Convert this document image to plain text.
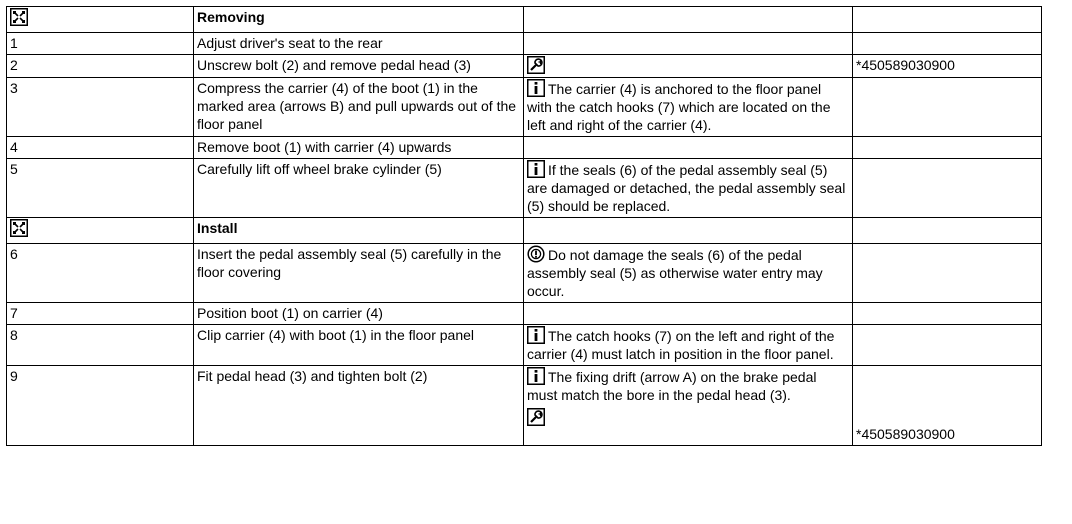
	Removing		
1	Adjust driver's seat to the rear		
2	Unscrew bolt (2) and remove pedal head (3)		*450589030900
3	Compress the carrier (4) of the boot (1) in the marked area (arrows B) and pull upwards out of the floor panel	The carrier (4) is anchored to the floor panel with the catch hooks (7) which are located on the left and right of the carrier (4).	
4	Remove boot (1) with carrier (4) upwards		
5	Carefully lift off wheel brake cylinder (5)	If the seals (6) of the pedal assembly seal (5) are damaged or detached, the pedal assembly seal (5) should be replaced.	
	Install		
6	Insert the pedal assembly seal (5) carefully in the floor covering	Do not damage the seals (6) of the pedal assembly seal (5) as otherwise water entry may occur.	
7	Position boot (1) on carrier (4)		
8	Clip carrier (4) with boot (1) in the floor panel	The catch hooks (7) on the left and right of the carrier (4) must latch in position in the floor panel.	
9	Fit pedal head (3) and tighten bolt (2)	The fixing drift (arrow A) on the brake pedal must match the bore in the pedal head (3).	*450589030900
